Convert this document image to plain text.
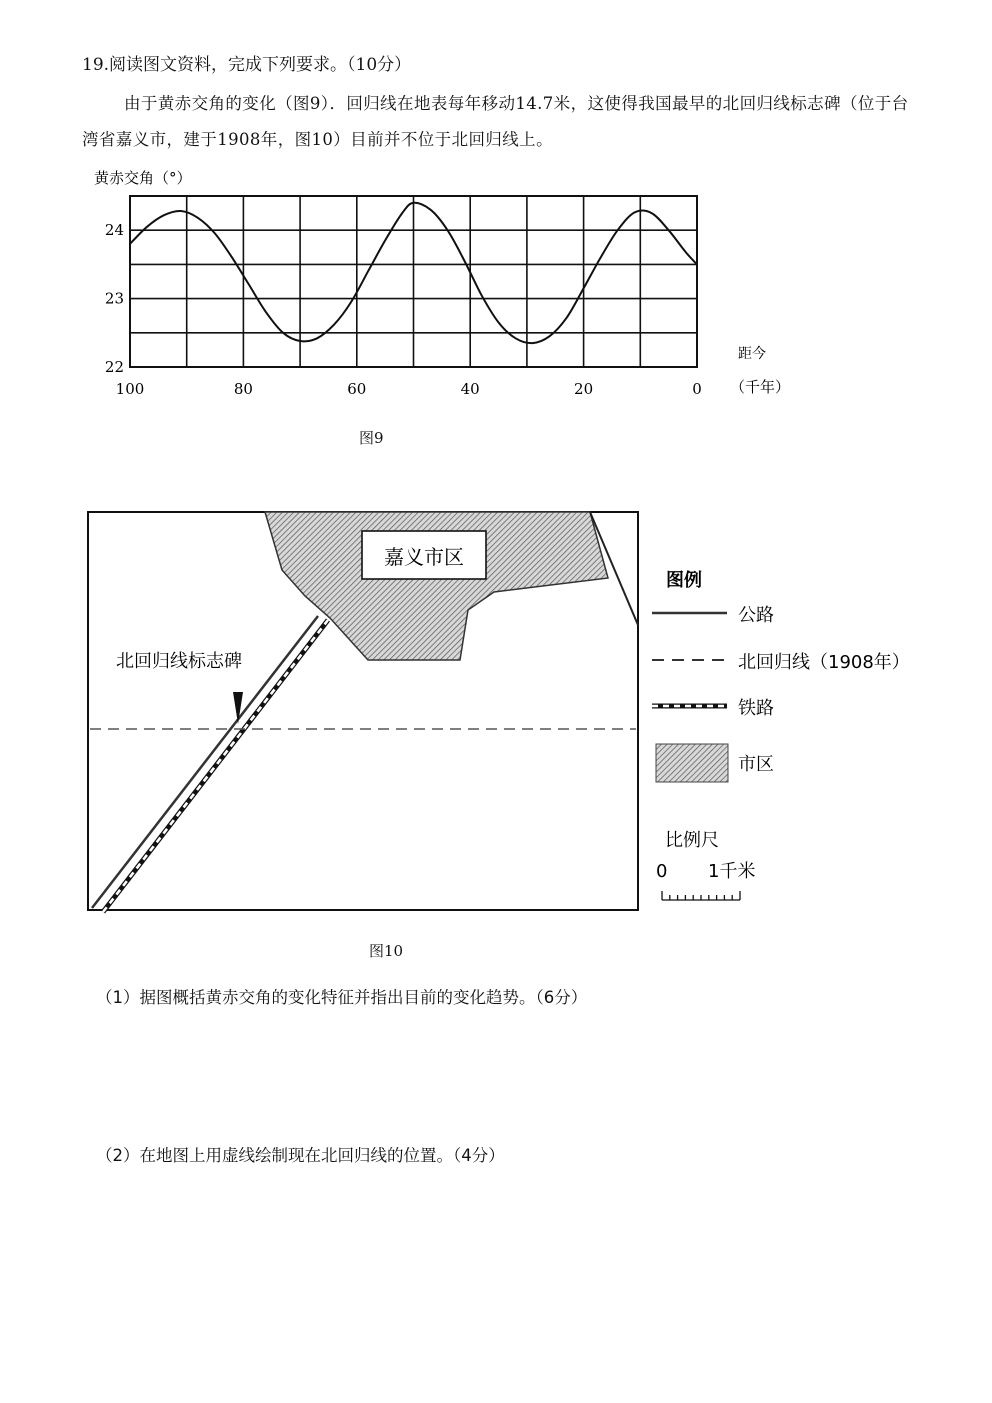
19.阅读图文资料，完成下列要求。（10分）
由于黄赤交角的变化（图9）．回归线在地表每年移动14.7米，这使得我国最早的北回归线标志碑（位于台湾省嘉义市，建于1908年，图10）目前并不位于北回归线上。
黄赤交角（°）
24
23
22
100	80	60	40	20	0
距今
（千年）
图9
嘉义市区
北回归线标志碑
图例
公路
北回归线（1908年）
铁路
市区
比例尺
0 1千米
图10
（1）据图概括黄赤交角的变化特征并指出目前的变化趋势。（6分）
（2）在地图上用虚线绘制现在北回归线的位置。（4分）
